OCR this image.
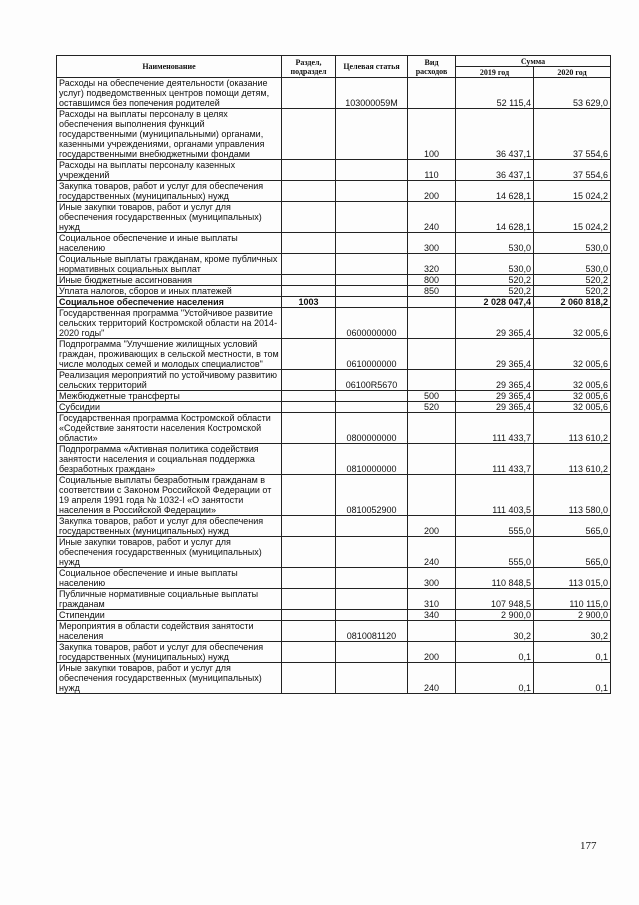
Наименование	Раздел, подраздел	Целевая статья	Вид расходов	Сумма	
				2019 год	2020 год
Расходы на обеспечение деятельности (оказание услуг) подведомственных центров помощи детям, оставшимся без попечения родителей		103000059М		52 115,4	53 629,0
Расходы на выплаты персоналу в целях обеспечения выполнения функций государственными (муниципальными) органами, казенными учреждениями, органами управления государственными внебюджетными фондами			100	36 437,1	37 554,6
Расходы на выплаты персоналу казенных учреждений			110	36 437,1	37 554,6
Закупка товаров, работ и услуг для обеспечения государственных (муниципальных) нужд			200	14 628,1	15 024,2
Иные закупки товаров, работ и услуг для обеспечения государственных (муниципальных) нужд			240	14 628,1	15 024,2
Социальное обеспечение и иные выплаты населению			300	530,0	530,0
Социальные выплаты гражданам, кроме публичных нормативных социальных выплат			320	530,0	530,0
Иные бюджетные ассигнования			800	520,2	520,2
Уплата налогов, сборов и иных платежей			850	520,2	520,2
Социальное обеспечение населения	1003			2 028 047,4	2 060 818,2
Государственная программа "Устойчивое развитие сельских территорий Костромской области на 2014-2020 годы"		0600000000		29 365,4	32 005,6
Подпрограмма "Улучшение жилищных условий граждан, проживающих в сельской местности, в том числе молодых семей и молодых специалистов"		0610000000		29 365,4	32 005,6
Реализация мероприятий по устойчивому развитию сельских территорий		06100R5670		29 365,4	32 005,6
Межбюджетные трансферты			500	29 365,4	32 005,6
Субсидии			520	29 365,4	32 005,6
Государственная программа Костромской области «Содействие занятости населения Костромской области»		0800000000		111 433,7	113 610,2
Подпрограмма «Активная политика содействия занятости населения и социальная поддержка безработных граждан»		0810000000		111 433,7	113 610,2
Социальные выплаты безработным гражданам в соответствии с Законом Российской Федерации от 19 апреля 1991 года № 1032-I «О занятости населения в Российской Федерации»		0810052900		111 403,5	113 580,0
Закупка товаров, работ и услуг для обеспечения государственных (муниципальных) нужд			200	555,0	565,0
Иные закупки товаров, работ и услуг для обеспечения государственных (муниципальных) нужд			240	555,0	565,0
Социальное обеспечение и иные выплаты населению			300	110 848,5	113 015,0
Публичные нормативные социальные выплаты гражданам			310	107 948,5	110 115,0
Стипендии			340	2 900,0	2 900,0
Мероприятия в области содействия занятости населения		0810081120		30,2	30,2
Закупка товаров, работ и услуг для обеспечения государственных (муниципальных) нужд			200	0,1	0,1
Иные закупки товаров, работ и услуг для обеспечения государственных (муниципальных) нужд			240	0,1	0,1
177
